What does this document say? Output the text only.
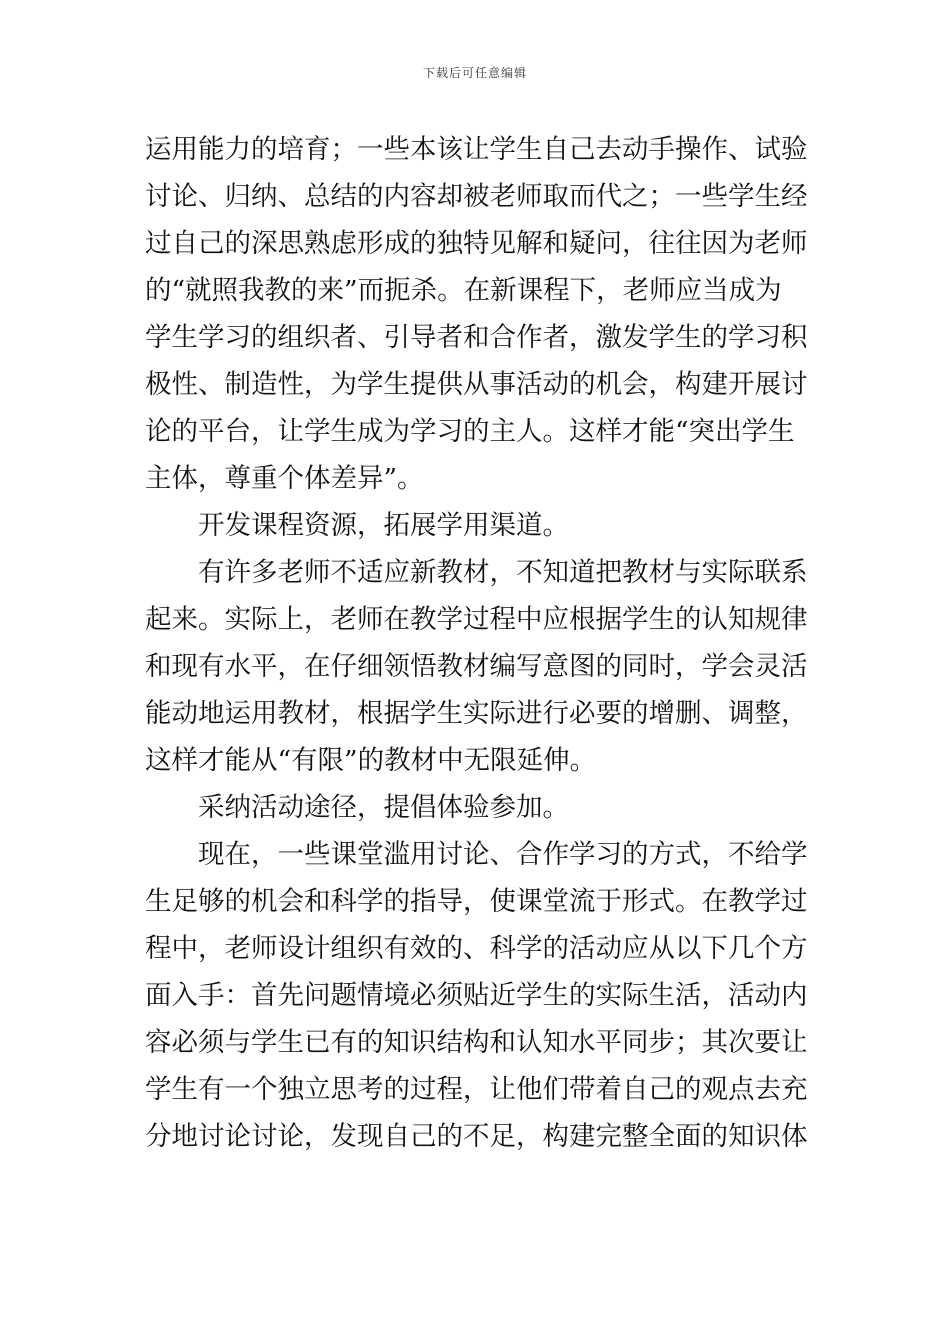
下载后可任意编辑
运用能力的培育；一些本该让学生自己去动手操作、试验
讨论、归纳、总结的内容却被老师取而代之；一些学生经
过自己的深思熟虑形成的独特见解和疑问，往往因为老师
的“就照我教的来”而扼杀。在新课程下，老师应当成为
学生学习的组织者、引导者和合作者，激发学生的学习积
极性、制造性，为学生提供从事活动的机会，构建开展讨
论的平台，让学生成为学习的主人。这样才能“突出学生
主体，尊重个体差异”。
　　开发课程资源，拓展学用渠道。
　　有许多老师不适应新教材，不知道把教材与实际联系
起来。实际上，老师在教学过程中应根据学生的认知规律
和现有水平，在仔细领悟教材编写意图的同时，学会灵活
能动地运用教材，根据学生实际进行必要的增删、调整，
这样才能从“有限”的教材中无限延伸。
　　采纳活动途径，提倡体验参加。
　　现在，一些课堂滥用讨论、合作学习的方式，不给学
生足够的机会和科学的指导，使课堂流于形式。在教学过
程中，老师设计组织有效的、科学的活动应从以下几个方
面入手：首先问题情境必须贴近学生的实际生活，活动内
容必须与学生已有的知识结构和认知水平同步；其次要让
学生有一个独立思考的过程，让他们带着自己的观点去充
分地讨论讨论，发现自己的不足，构建完整全面的知识体
